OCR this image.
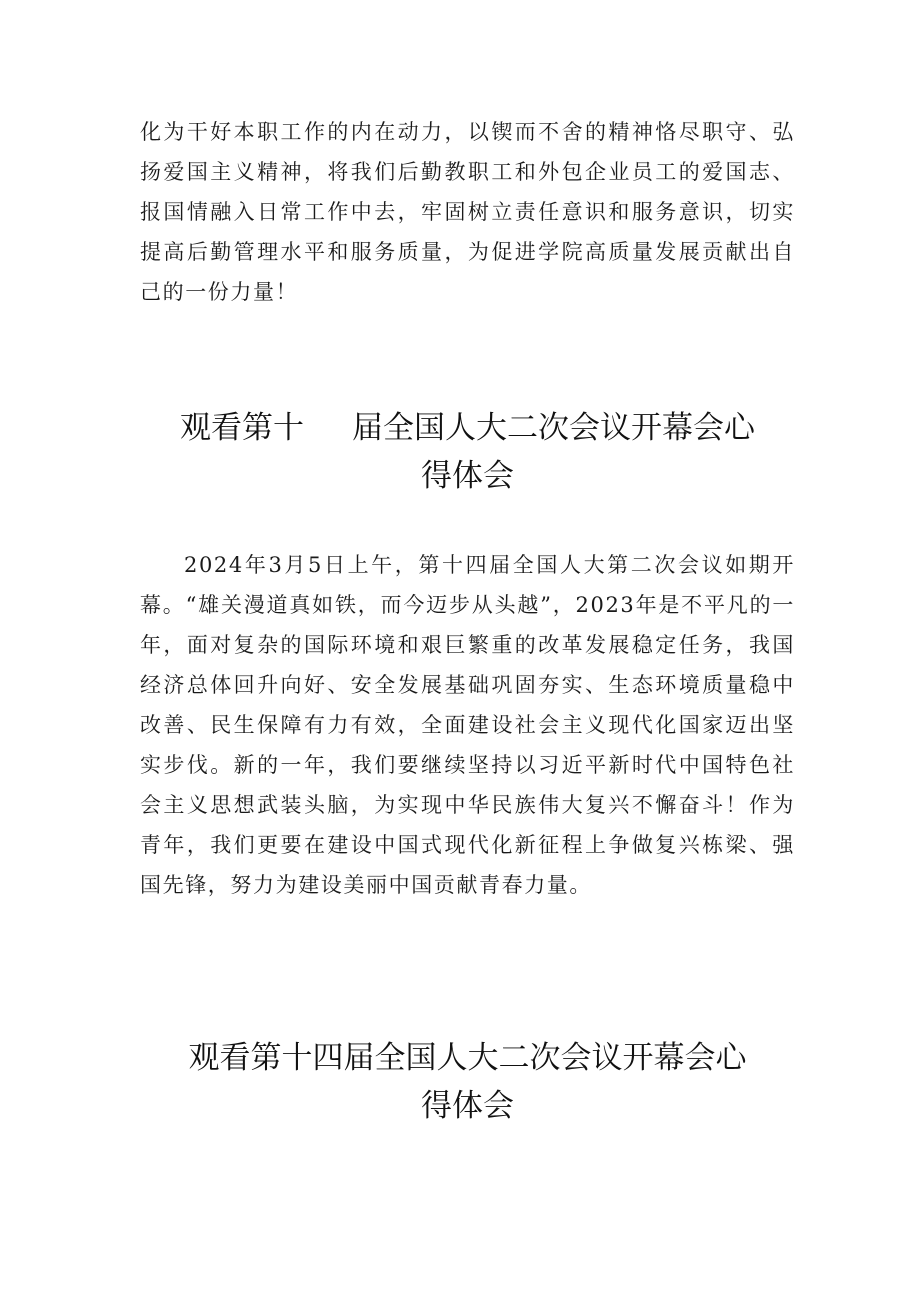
化为干好本职工作的内在动力，以锲而不舍的精神恪尽职守、弘扬爱国主义精神，将我们后勤教职工和外包企业员工的爱国志、报国情融入日常工作中去，牢固树立责任意识和服务意识，切实提高后勤管理水平和服务质量，为促进学院高质量发展贡献出自己的一份力量！

观看第十 届全国人大二次会议开幕会心
得体会

2024年3月5日上午，第十四届全国人大第二次会议如期开幕。“雄关漫道真如铁，而今迈步从头越”，2023年是不平凡的一年，面对复杂的国际环境和艰巨繁重的改革发展稳定任务，我国经济总体回升向好、安全发展基础巩固夯实、生态环境质量稳中改善、民生保障有力有效，全面建设社会主义现代化国家迈出坚实步伐。新的一年，我们要继续坚持以习近平新时代中国特色社会主义思想武装头脑，为实现中华民族伟大复兴不懈奋斗！作为青年，我们更要在建设中国式现代化新征程上争做复兴栋梁、强国先锋，努力为建设美丽中国贡献青春力量。

观看第十四届全国人大二次会议开幕会心
得体会
